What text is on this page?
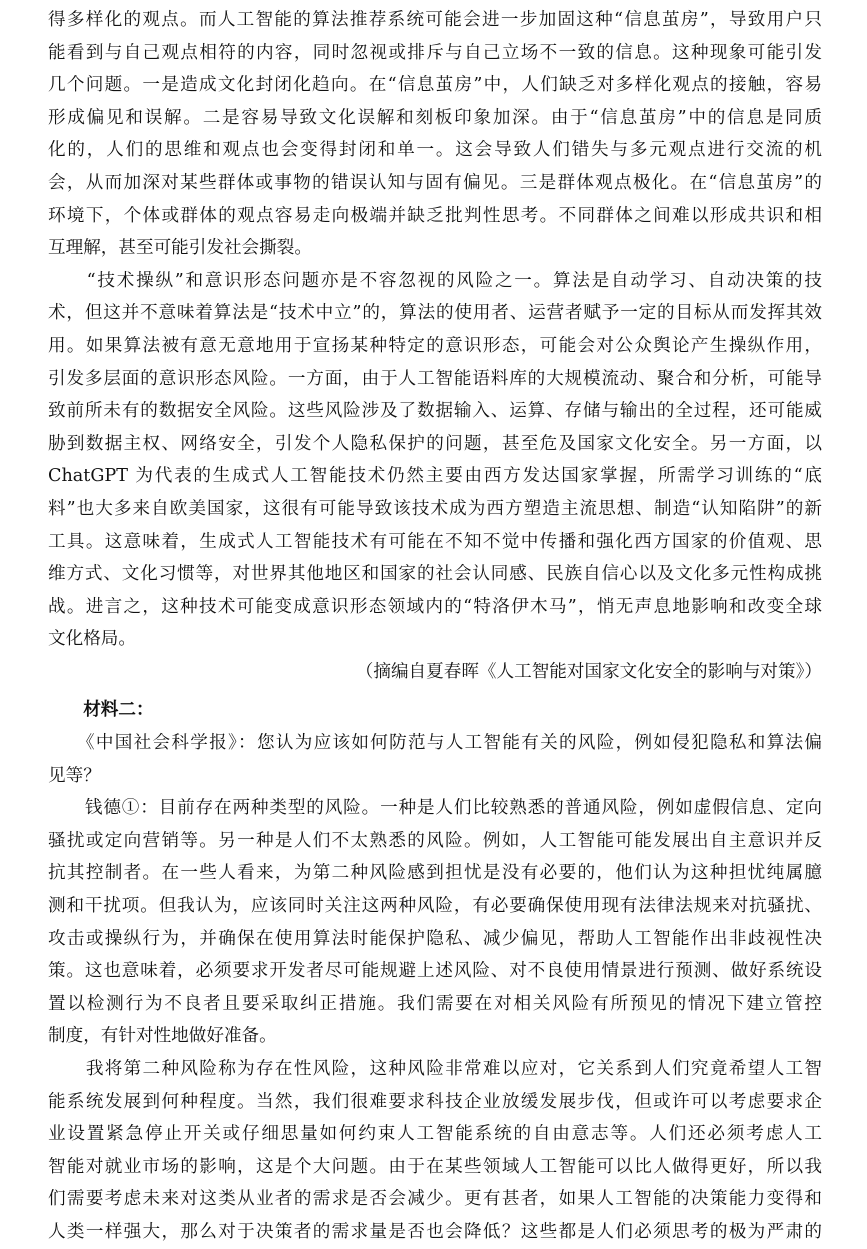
得多样化的观点。而人工智能的算法推荐系统可能会进一步加固这种“信息茧房”，导致用户只
能看到与自己观点相符的内容，同时忽视或排斥与自己立场不一致的信息。这种现象可能引发
几个问题。一是造成文化封闭化趋向。在“信息茧房”中，人们缺乏对多样化观点的接触，容易
形成偏见和误解。二是容易导致文化误解和刻板印象加深。由于“信息茧房”中的信息是同质
化的，人们的思维和观点也会变得封闭和单一。这会导致人们错失与多元观点进行交流的机
会，从而加深对某些群体或事物的错误认知与固有偏见。三是群体观点极化。在“信息茧房”的
环境下，个体或群体的观点容易走向极端并缺乏批判性思考。不同群体之间难以形成共识和相
互理解，甚至可能引发社会撕裂。
　　“技术操纵”和意识形态问题亦是不容忽视的风险之一。算法是自动学习、自动决策的技
术，但这并不意味着算法是“技术中立”的，算法的使用者、运营者赋予一定的目标从而发挥其效
用。如果算法被有意无意地用于宣扬某种特定的意识形态，可能会对公众舆论产生操纵作用，
引发多层面的意识形态风险。一方面，由于人工智能语料库的大规模流动、聚合和分析，可能导
致前所未有的数据安全风险。这些风险涉及了数据输入、运算、存储与输出的全过程，还可能威
胁到数据主权、网络安全，引发个人隐私保护的问题，甚至危及国家文化安全。另一方面，以
ChatGPT 为代表的生成式人工智能技术仍然主要由西方发达国家掌握，所需学习训练的“底
料”也大多来自欧美国家，这很有可能导致该技术成为西方塑造主流思想、制造“认知陷阱”的新
工具。这意味着，生成式人工智能技术有可能在不知不觉中传播和强化西方国家的价值观、思
维方式、文化习惯等，对世界其他地区和国家的社会认同感、民族自信心以及文化多元性构成挑
战。进言之，这种技术可能变成意识形态领域内的“特洛伊木马”，悄无声息地影响和改变全球
文化格局。
（摘编自夏春晖《人工智能对国家文化安全的影响与对策》）
　　材料二：
　　《中国社会科学报》：您认为应该如何防范与人工智能有关的风险，例如侵犯隐私和算法偏
见等？
　　钱德①：目前存在两种类型的风险。一种是人们比较熟悉的普通风险，例如虚假信息、定向
骚扰或定向营销等。另一种是人们不太熟悉的风险。例如，人工智能可能发展出自主意识并反
抗其控制者。在一些人看来，为第二种风险感到担忧是没有必要的，他们认为这种担忧纯属臆
测和干扰项。但我认为，应该同时关注这两种风险，有必要确保使用现有法律法规来对抗骚扰、
攻击或操纵行为，并确保在使用算法时能保护隐私、减少偏见，帮助人工智能作出非歧视性决
策。这也意味着，必须要求开发者尽可能规避上述风险、对不良使用情景进行预测、做好系统设
置以检测行为不良者且要采取纠正措施。我们需要在对相关风险有所预见的情况下建立管控
制度，有针对性地做好准备。
　　我将第二种风险称为存在性风险，这种风险非常难以应对，它关系到人们究竟希望人工智
能系统发展到何种程度。当然，我们很难要求科技企业放缓发展步伐，但或许可以考虑要求企
业设置紧急停止开关或仔细思量如何约束人工智能系统的自由意志等。人们还必须考虑人工
智能对就业市场的影响，这是个大问题。由于在某些领域人工智能可以比人做得更好，所以我
们需要考虑未来对这类从业者的需求是否会减少。更有甚者，如果人工智能的决策能力变得和
人类一样强大，那么对于决策者的需求量是否也会降低？这些都是人们必须思考的极为严肃的
